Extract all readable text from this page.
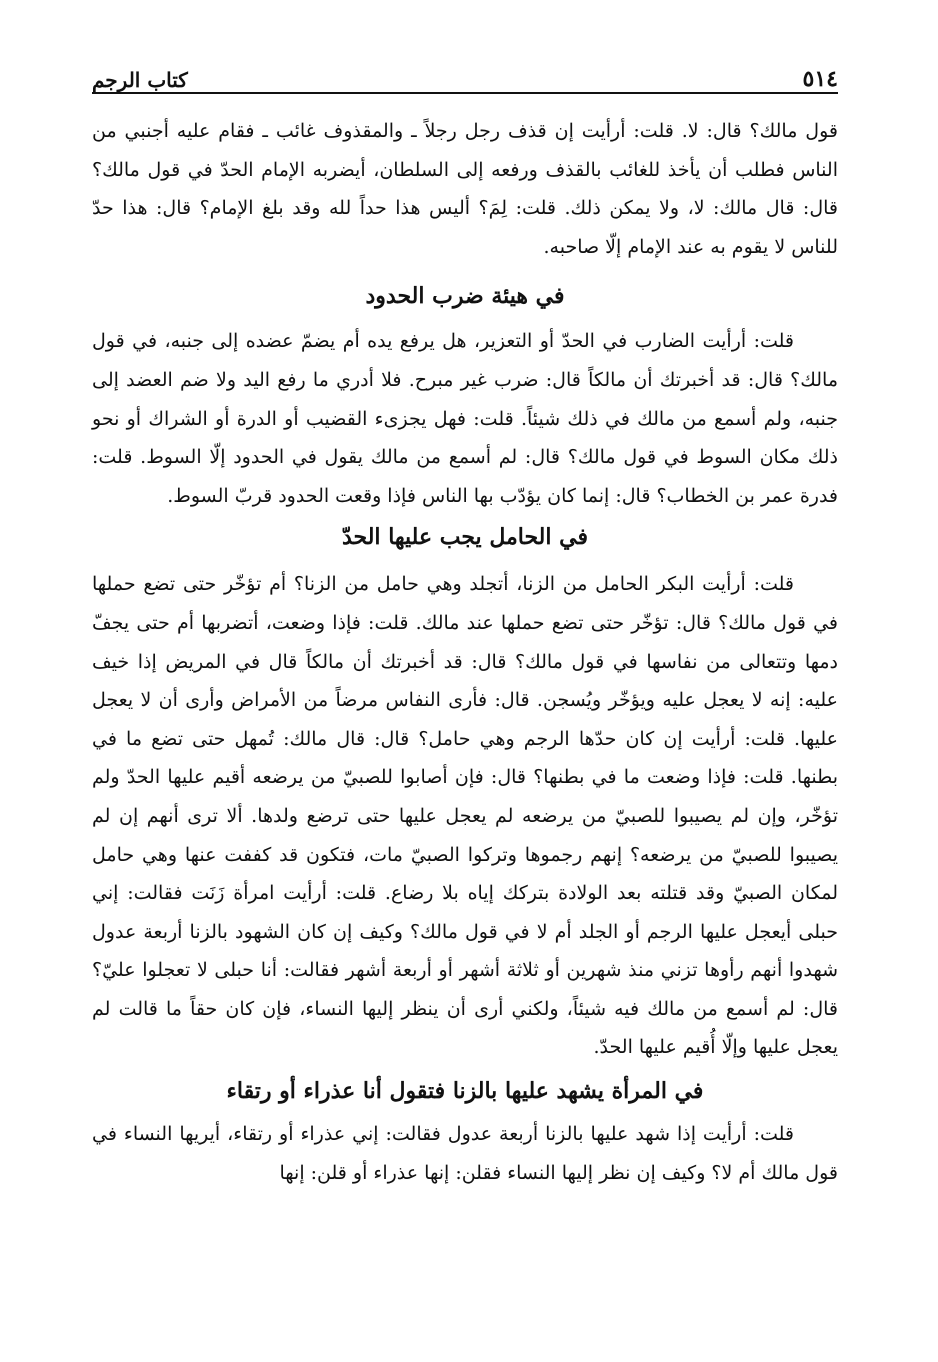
٥١٤
كتاب الرجم

قول مالك؟ قال: لا. قلت: أرأيت إن قذف رجل رجلاً ـ والمقذوف غائب ـ فقام عليه أجنبي من الناس فطلب أن يأخذ للغائب بالقذف ورفعه إلى السلطان، أيضربه الإمام الحدّ في قول مالك؟ قال: قال مالك: لا، ولا يمكن ذلك. قلت: لِمَ؟ أليس هذا حداً لله وقد بلغ الإمام؟ قال: هذا حدّ للناس لا يقوم به عند الإمام إلّا صاحبه.

في هيئة ضرب الحدود

قلت: أرأيت الضارب في الحدّ أو التعزير، هل يرفع يده أم يضمّ عضده إلى جنبه، في قول مالك؟ قال: قد أخبرتك أن مالكاً قال: ضرب غير مبرح. فلا أدري ما رفع اليد ولا ضم العضد إلى جنبه، ولم أسمع من مالك في ذلك شيئاً. قلت: فهل يجزىء القضيب أو الدرة أو الشراك أو نحو ذلك مكان السوط في قول مالك؟ قال: لم أسمع من مالك يقول في الحدود إلّا السوط. قلت: فدرة عمر بن الخطاب؟ قال: إنما كان يؤدّب بها الناس فإذا وقعت الحدود قربّ السوط.

في الحامل يجب عليها الحدّ

قلت: أرأيت البكر الحامل من الزنا، أتجلد وهي حامل من الزنا؟ أم تؤخّر حتى تضع حملها في قول مالك؟ قال: تؤخّر حتى تضع حملها عند مالك. قلت: فإذا وضعت، أتضربها أم حتى يجفّ دمها وتتعالى من نفاسها في قول مالك؟ قال: قد أخبرتك أن مالكاً قال في المريض إذا خيف عليه: إنه لا يعجل عليه ويؤخّر ويُسجن. قال: فأرى النفاس مرضاً من الأمراض وأرى أن لا يعجل عليها. قلت: أرأيت إن كان حدّها الرجم وهي حامل؟ قال: قال مالك: تُمهل حتى تضع ما في بطنها. قلت: فإذا وضعت ما في بطنها؟ قال: فإن أصابوا للصبيّ من يرضعه أقيم عليها الحدّ ولم تؤخّر، وإن لم يصيبوا للصبيّ من يرضعه لم يعجل عليها حتى ترضع ولدها. ألا ترى أنهم إن لم يصيبوا للصبيّ من يرضعه؟ إنهم رجموها وتركوا الصبيّ مات، فتكون قد كففت عنها وهي حامل لمكان الصبيّ وقد قتلته بعد الولادة بتركك إياه بلا رضاع. قلت: أرأيت امرأة زَنَت فقالت: إني حبلى أيعجل عليها الرجم أو الجلد أم لا في قول مالك؟ وكيف إن كان الشهود بالزنا أربعة عدول شهدوا أنهم رأوها تزني منذ شهرين أو ثلاثة أشهر أو أربعة أشهر فقالت: أنا حبلى لا تعجلوا عليّ؟ قال: لم أسمع من مالك فيه شيئاً، ولكني أرى أن ينظر إليها النساء، فإن كان حقاً ما قالت لم يعجل عليها وإلّا أُقيم عليها الحدّ.

في المرأة يشهد عليها بالزنا فتقول أنا عذراء أو رتقاء

قلت: أرأيت إذا شهد عليها بالزنا أربعة عدول فقالت: إني عذراء أو رتقاء، أيريها النساء في قول مالك أم لا؟ وكيف إن نظر إليها النساء فقلن: إنها عذراء أو قلن: إنها
